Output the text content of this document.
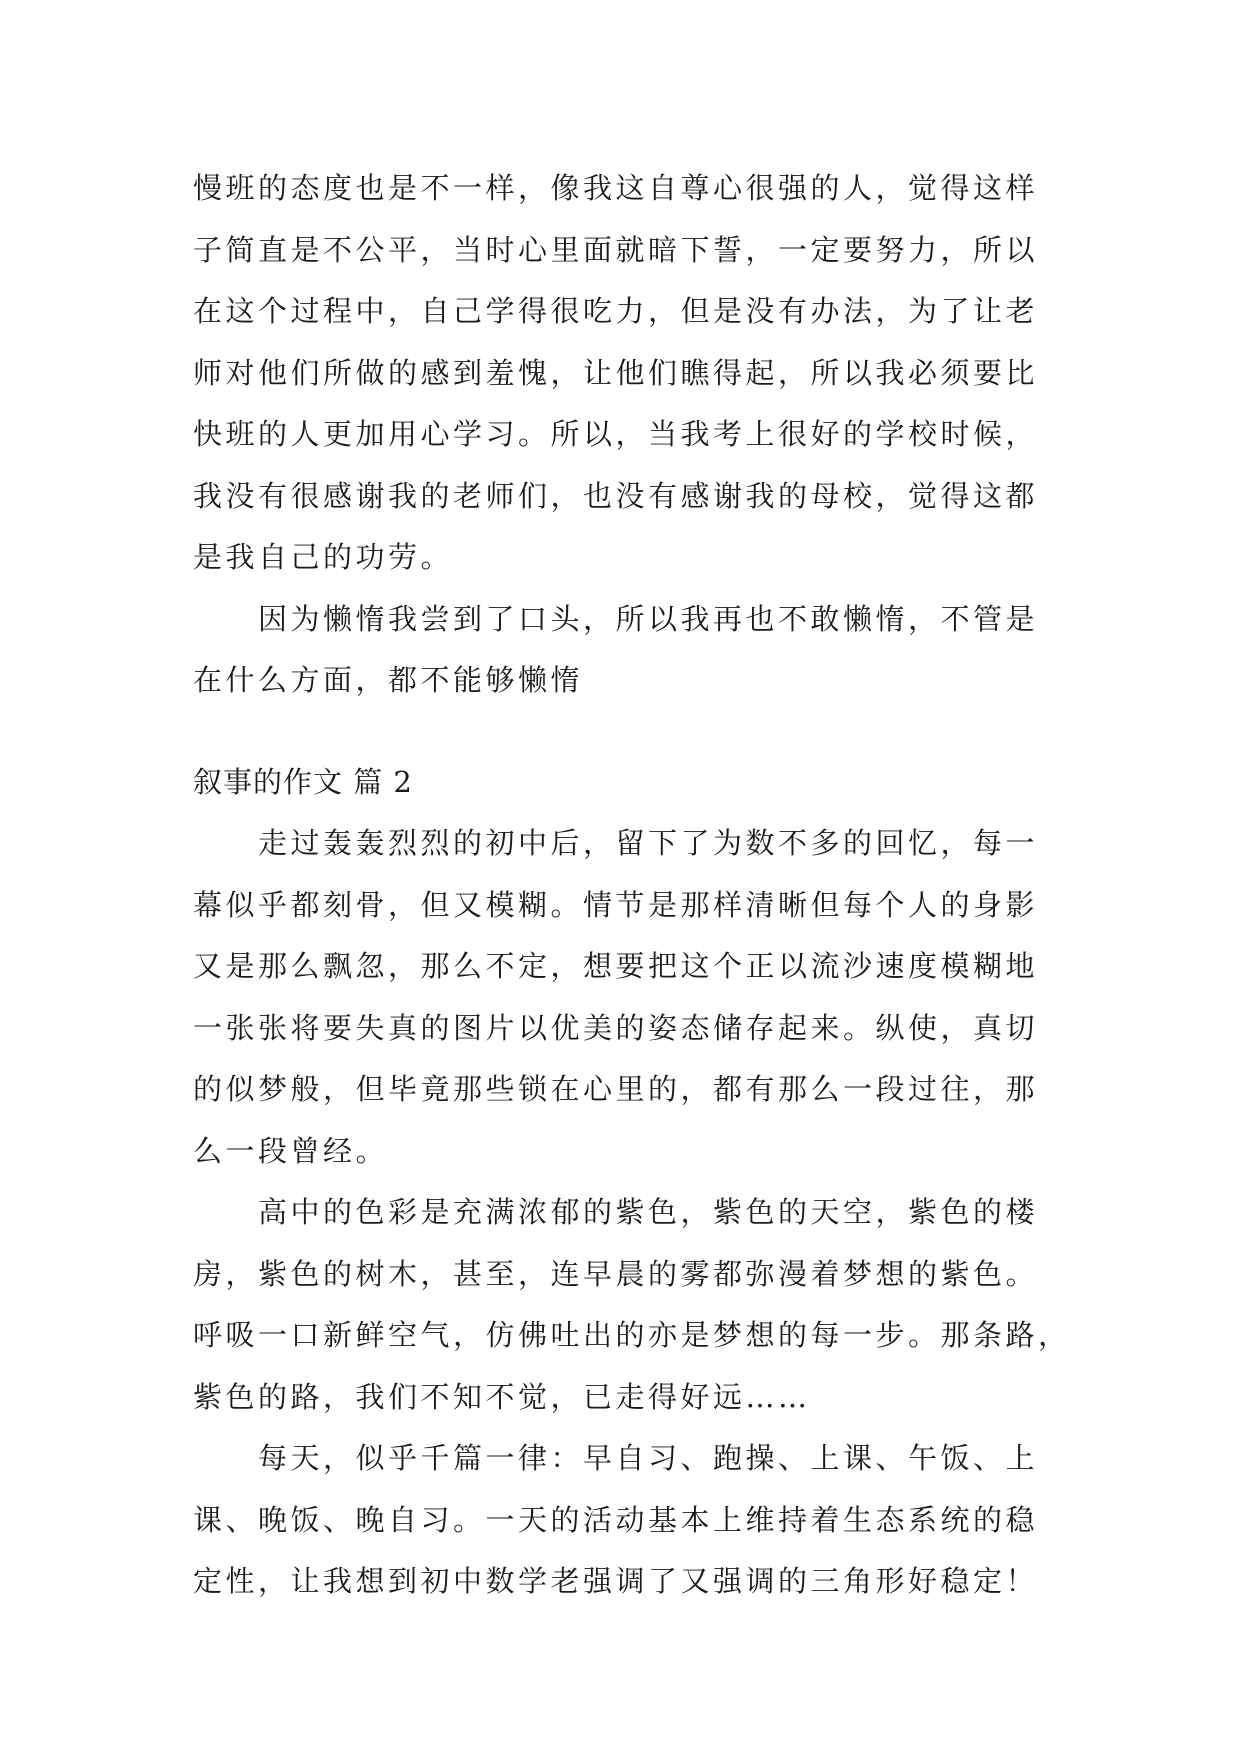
慢班的态度也是不一样，像我这自尊心很强的人，觉得这样
子简直是不公平，当时心里面就暗下誓，一定要努力，所以
在这个过程中，自己学得很吃力，但是没有办法，为了让老
师对他们所做的感到羞愧，让他们瞧得起，所以我必须要比
快班的人更加用心学习。所以，当我考上很好的学校时候，
我没有很感谢我的老师们，也没有感谢我的母校，觉得这都
是我自己的功劳。
因为懒惰我尝到了口头，所以我再也不敢懒惰，不管是
在什么方面，都不能够懒惰
叙事的作文 篇 2
走过轰轰烈烈的初中后，留下了为数不多的回忆，每一
幕似乎都刻骨，但又模糊。情节是那样清晰但每个人的身影
又是那么飘忽，那么不定，想要把这个正以流沙速度模糊地
一张张将要失真的图片以优美的姿态储存起来。纵使，真切
的似梦般，但毕竟那些锁在心里的，都有那么一段过往，那
么一段曾经。
高中的色彩是充满浓郁的紫色，紫色的天空，紫色的楼
房，紫色的树木，甚至，连早晨的雾都弥漫着梦想的紫色。
呼吸一口新鲜空气，仿佛吐出的亦是梦想的每一步。那条路，
紫色的路，我们不知不觉，已走得好远……
每天，似乎千篇一律：早自习、跑操、上课、午饭、上
课、晚饭、晚自习。一天的活动基本上维持着生态系统的稳
定性，让我想到初中数学老强调了又强调的三角形好稳定！
